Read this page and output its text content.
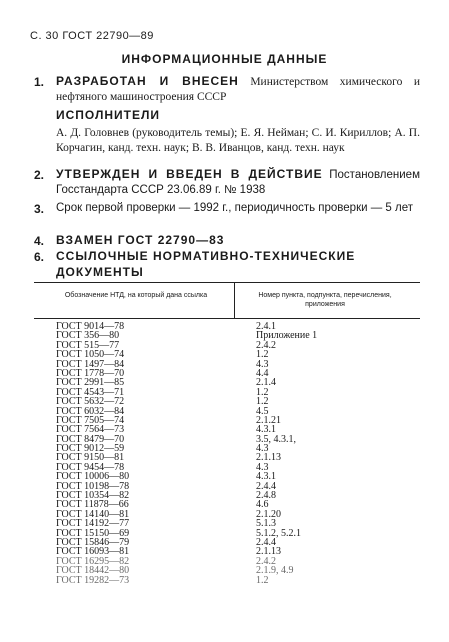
С. 30 ГОСТ 22790—89
ИНФОРМАЦИОННЫЕ ДАННЫЕ
1. РАЗРАБОТАН И ВНЕСЕН Министерством химического и нефтяного машиностроения СССР
ИСПОЛНИТЕЛИ
А. Д. Головнев (руководитель темы); Е. Я. Нейман; С. И. Кириллов; А. П. Корчагин, канд. техн. наук; В. В. Иванцов, канд. техн. наук
2. УТВЕРЖДЕН И ВВЕДЕН В ДЕЙСТВИЕ Постановлением Госстандарта СССР 23.06.89 г. № 1938
3. Срок первой проверки — 1992 г., периодичность проверки — 5 лет
4. ВЗАМЕН ГОСТ 22790—83
6. ССЫЛОЧНЫЕ НОРМАТИВНО-ТЕХНИЧЕСКИЕ ДОКУМЕНТЫ
Обозначение НТД, на который дана ссылка	Номер пункта, подпункта, перечисления, приложения
ГОСТ 9014—78	2.4.1
ГОСТ 356—80	Приложение 1
ГОСТ 515—77	2.4.2
ГОСТ 1050—74	1.2
ГОСТ 1497—84	4.3
ГОСТ 1778—70	4.4
ГОСТ 2991—85	2.1.4
ГОСТ 4543—71	1.2
ГОСТ 5632—72	1.2
ГОСТ 6032—84	4.5
ГОСТ 7505—74	2.1.21
ГОСТ 7564—73	4.3.1
ГОСТ 8479—70	3.5, 4.3.1,
ГОСТ 9012—59	4.3
ГОСТ 9150—81	2.1.13
ГОСТ 9454—78	4.3
ГОСТ 10006—80	4.3.1
ГОСТ 10198—78	2.4.4
ГОСТ 10354—82	2.4.8
ГОСТ 11878—66	4.6
ГОСТ 14140—81	2.1.20
ГОСТ 14192—77	5.1.3
ГОСТ 15150—69	5.1.2, 5.2.1
ГОСТ 15846—79	2.4.4
ГОСТ 16093—81	2.1.13
ГОСТ 16295—82	2.4.2
ГОСТ 18442—80	2.1.9, 4.9
ГОСТ 19282—73	1.2
